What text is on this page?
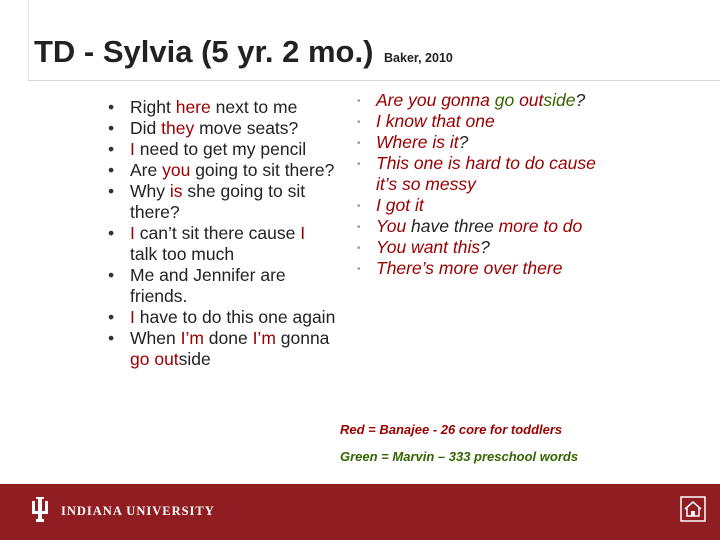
TD - Sylvia (5 yr. 2 mo.) Baker, 2010
• Right here next to me
• Did they move seats?
• I need to get my pencil
• Are you going to sit there?
• Why is she going to sit there?
• I can’t sit there cause I talk too much
• Me and Jennifer are friends.
• I have to do this one again
• When I’m done I’m gonna go outside
• Are you gonna go outside?
• I know that one
• Where is it?
• This one is hard to do cause it’s so messy
• I got it
• You have three more to do
• You want this?
• There’s more over there
Red = Banajee - 26 core for toddlers
Green = Marvin – 333 preschool words
INDIANA UNIVERSITY
